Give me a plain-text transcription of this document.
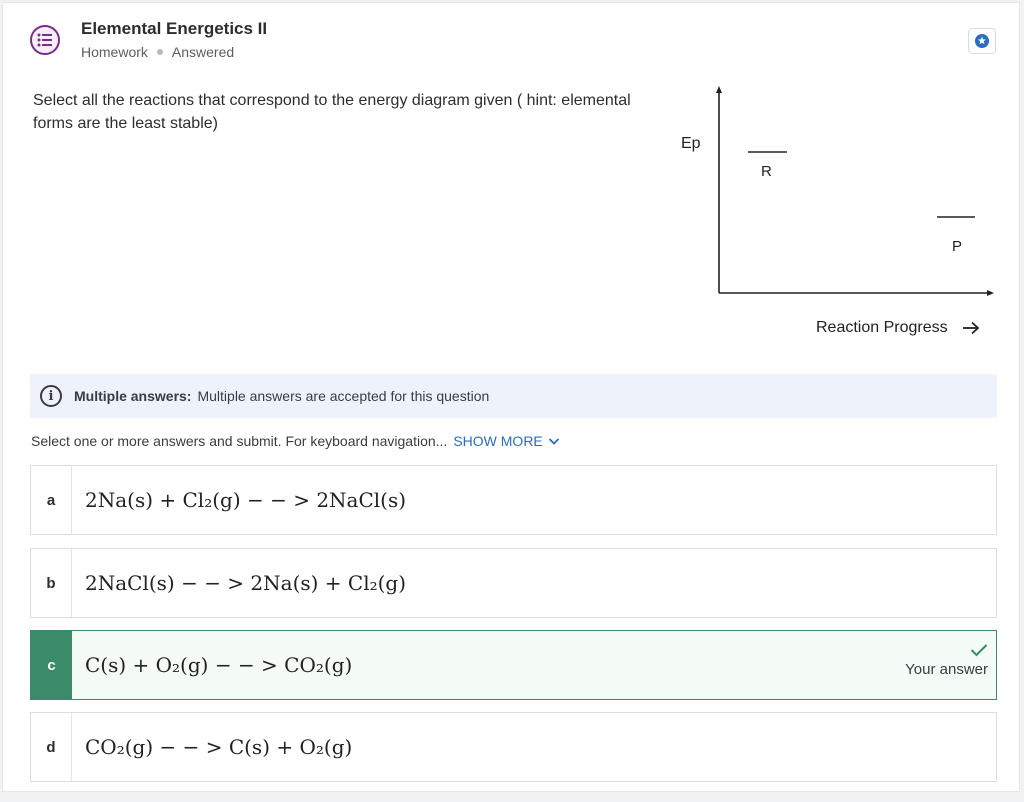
Elemental Energetics II
Homework Answered
Select all the reactions that correspond to the energy diagram given ( hint: elemental forms are the least stable)
Ep
R
P
Reaction Progress
i	Multiple answers: Multiple answers are accepted for this question
Select one or more answers and submit. For keyboard navigation... SHOW MORE
a	2Na(s) + Cl₂(g) − − > 2NaCl(s)
b	2NaCl(s) − − > 2Na(s) + Cl₂(g)
c	C(s) + O₂(g) − − > CO₂(g)	Your answer
d	CO₂(g) − − > C(s) + O₂(g)
